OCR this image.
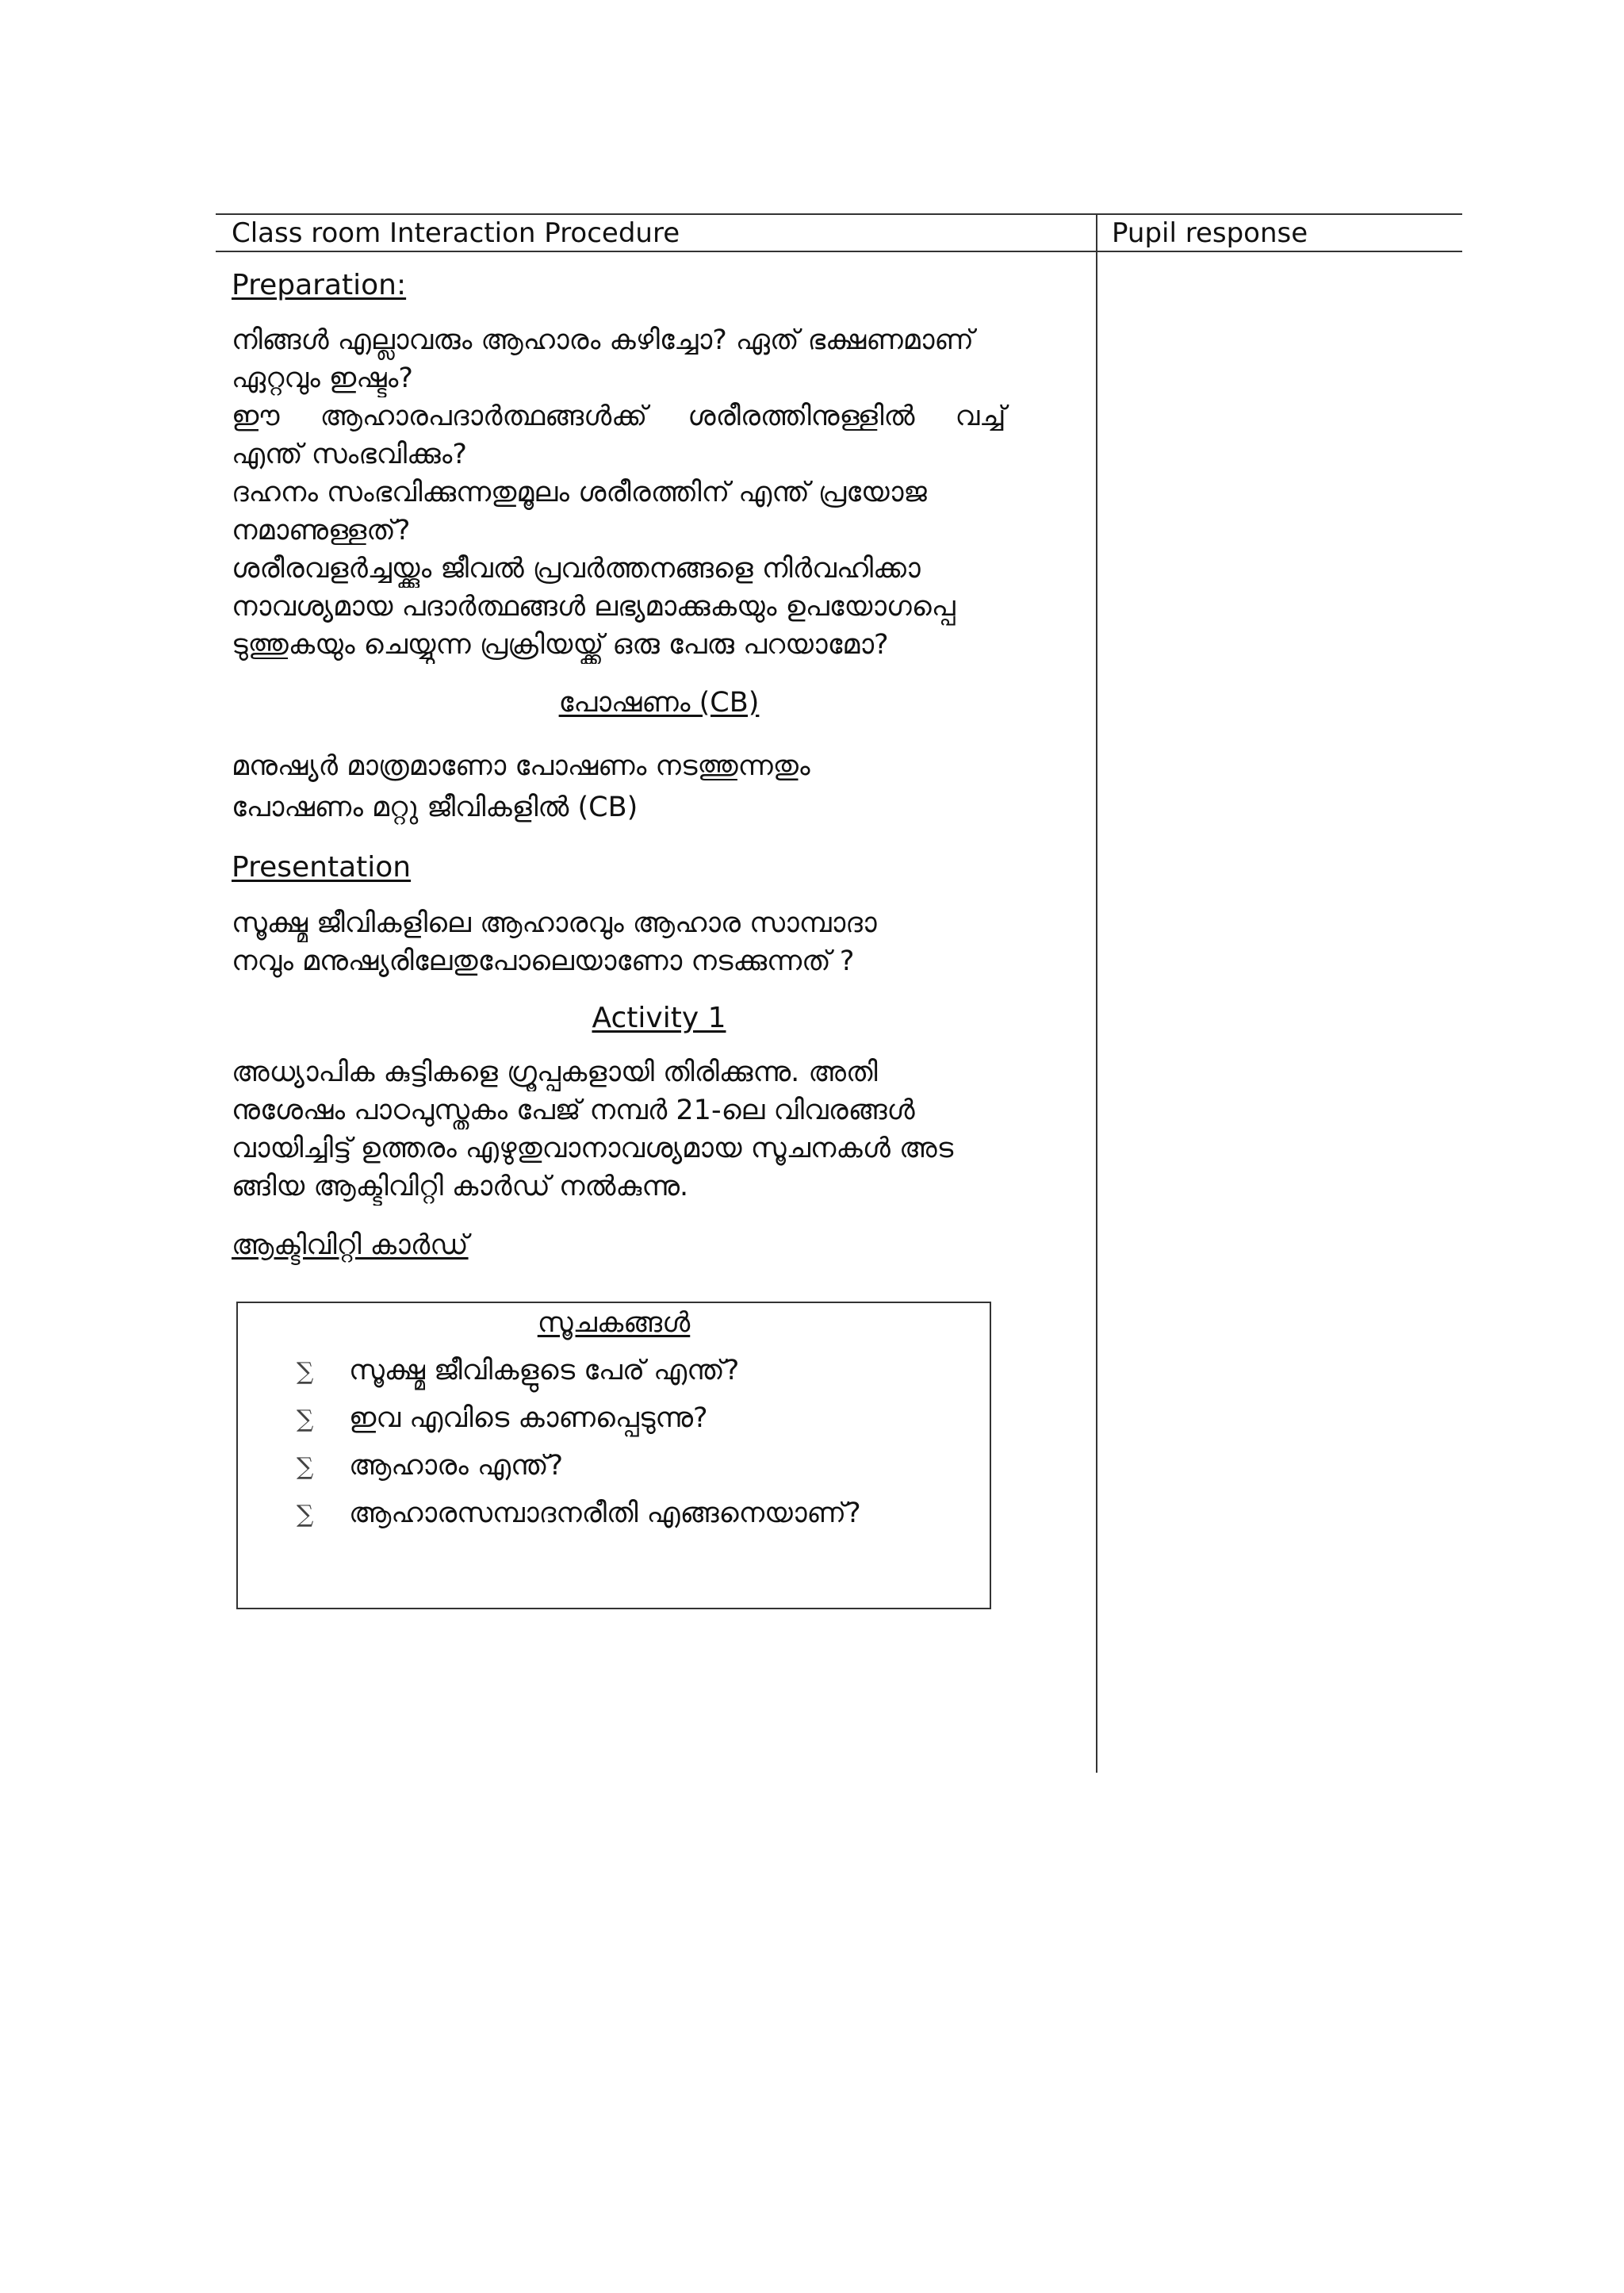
Class room Interaction Procedure	Pupil response
Preparation:
നിങ്ങൾ എല്ലാവരും ആഹാരം കഴിച്ചോ? ഏത് ഭക്ഷണമാണ്
ഏറ്റവും ഇഷ്ടം?
ഈ ആഹാരപദാർത്ഥങ്ങൾക്ക് ശരീരത്തിനുള്ളിൽ വച്ച്
എന്ത് സംഭവിക്കും?
ദഹനം സംഭവിക്കുന്നതുമൂലം ശരീരത്തിന് എന്ത് പ്രയോജ
നമാണുള്ളത്?
ശരീരവളർച്ചയ്ക്കും ജീവൽ പ്രവർത്തനങ്ങളെ നിർവഹിക്കാ
നാവശ്യമായ പദാർത്ഥങ്ങൾ ലഭ്യമാക്കുകയും ഉപയോഗപ്പെ
ടുത്തുകയും ചെയ്യുന്ന പ്രക്രിയയ്ക്ക് ഒരു പേരു പറയാമോ?
പോഷണം (CB)
മനുഷ്യർ മാത്രമാണോ പോഷണം നടത്തുന്നതും
പോഷണം മറ്റു ജീവികളിൽ (CB)
Presentation
സൂക്ഷ്മ ജീവികളിലെ ആഹാരവും ആഹാര സാമ്പാദാ
നവും മനുഷ്യരിലേതുപോലെയാണോ നടക്കുന്നത് ?
Activity 1
അധ്യാപിക കുട്ടികളെ ഗ്രൂപ്പുകളായി തിരിക്കുന്നു. അതി
നുശേഷം പാഠപുസ്തകം പേജ് നമ്പർ 21-ലെ വിവരങ്ങൾ
വായിച്ചിട്ട് ഉത്തരം എഴുതുവാനാവശ്യമായ സൂചനകൾ അട
ങ്ങിയ ആക്ടിവിറ്റി കാർഡ് നൽകുന്നു.
ആക്ടിവിറ്റി കാർഡ്
സൂചകങ്ങൾ
∑ സൂക്ഷ്മ ജീവികളുടെ പേര് എന്ത്?
∑ ഇവ എവിടെ കാണപ്പെടുന്നു?
∑ ആഹാരം എന്ത്?
∑ ആഹാരസമ്പാദനരീതി എങ്ങനെയാണ്?
